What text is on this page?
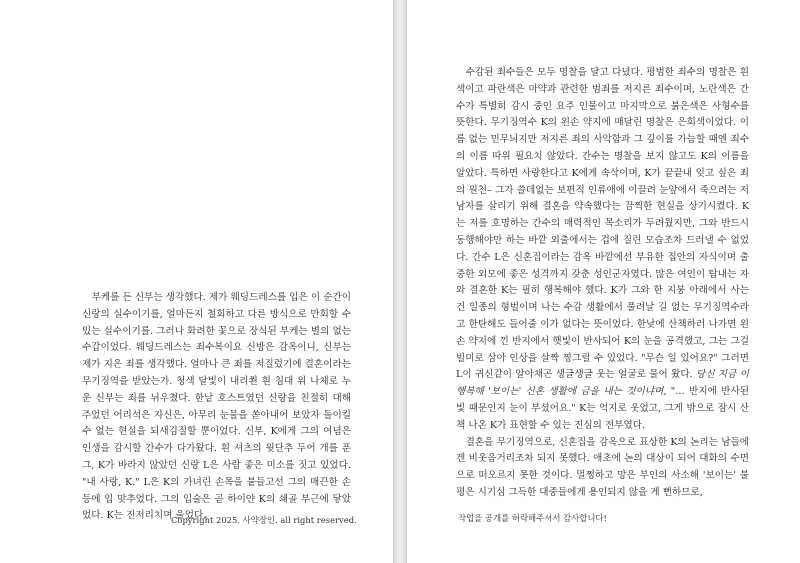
부케를 든 신부는 생각했다. 제가 웨딩드레스를 입은 이 순간이 신랑의 실수이기를, 얼마든지 철회하고 다른 방식으로 만회할 수 있는 실수이기를. 그러나 화려한 꽃으로 장식된 부케는 별의 없는 수갑이었다. 웨딩드레스는 죄수복이요 신방은 감옥이니, 신부는 제가 지은 죄를 생각했다. 얼마나 큰 죄를 저질렀기에 결혼이라는 무기징역을 받았는가. 청색 달빛이 내리쬔 흰 침대 위 나체로 누운 신부는 죄를 뉘우쳤다. 한낱 호스트였던 신랑을 친절히 대해 주었던 어리석은 자신은, 아무리 눈물을 쏟아내어 보았자 돌이킬 수 없는 현실을 되새김질할 뿐이었다. 신부, K에게 그의 여념은 인생을 감시할 간수가 다가왔다. 흰 셔츠의 윗단추 두어 개를 푼 그, K가 바라지 않았던 신랑 L은 사람 좋은 미소를 짓고 있었다. "내 사랑, K." L은 K의 가녀린 손목을 붙들고선 그의 매끈한 손등에 입 맞추었다. 그의 입술은 곧 하이얀 K의 쇄골 부근에 닿았었다. K는 진저리치며 울었다.

Copyright 2025. 사약장인. all right reserved.

수감된 죄수들은 모두 명찰을 달고 다녔다. 평범한 죄수의 명찰은 흰색이고 파란색은 마약과 관련한 범죄를 저지른 죄수이며, 노란색은 간수가 특별히 감시 중인 요주 인물이고 마지막으로 붉은색은 사형수를 뜻한다. 무기징역수 K의 왼손 약지에 매달린 명찰은 은회색이었다. 이름 없는 민무늬지만 저지른 죄의 사악함과 그 깊이를 가늠할 때엔 죄수의 이름 따위 필요치 않았다. 간수는 명찰을 보지 않고도 K의 이름을 알았다. 특하면 사랑한다고 K에게 속삭이며, K가 끝끝내 잊고 싶은 죄의 원천– 그가 쓸데없는 보편적 인류애에 이끌려 눈앞에서 죽으려는 저 남자를 살리기 위해 결혼을 약속했다는 끔찍한 현실을 상기시켰다. K는 저를 호명하는 간수의 매력적인 목소리가 두려웠지만, 그와 반드시 동행해야만 하는 바깥 외출에서는 겁에 질린 모습조차 드러낼 수 없었다. 간수 L은 신혼집이라는 감옥 바깥에선 부유한 집안의 자식이며 출중한 외모에 좋은 성격까지 갖춘 성인군자였다. 많은 여인이 탐내는 자와 결혼한 K는 필히 행복해야 했다. K가 그와 한 지붕 아래에서 사는 건 일종의 형벌이며 나는 수감 생활에서 풀려날 길 없는 무기징역수라고 한탄해도 들어줄 이가 없다는 뜻이었다. 한낮에 산책하러 나가면 왼손 약지에 낀 반지에서 햇빛이 반사되어 K의 눈을 공격했고, 그는 그걸 빌미로 삼아 인상을 살짝 찡그릴 수 있었다. "무슨 일 있어요?" 그러면 L이 귀신같이 알아채곤 생글생글 웃는 얼굴로 물어 왔다. 당신 지금 이 행복해 '보이는' 신혼 생활에 금을 내는 것이냐며, "… 반지에 반사된 빛 때문인지 눈이 부셨어요." K는 억지로 웃었고, 그게 밖으로 잠시 산책 나온 K가 표현할 수 있는 진심의 전부였다.

결혼을 무기징역으로, 신혼집을 감옥으로 표상한 K의 논리는 남들에겐 비웃음거리조차 되지 못했다. 애초에 논의 대상이 되어 대화의 수면으로 떠오르지 못한 것이다. 멀쩡하고 망은 부인의 사소해 '보이는' 불평은 시기심 그득한 대중들에게 용인되지 않을 게 뻔하므로,

작업을 공개를 허락해주셔서 감사합니다!
